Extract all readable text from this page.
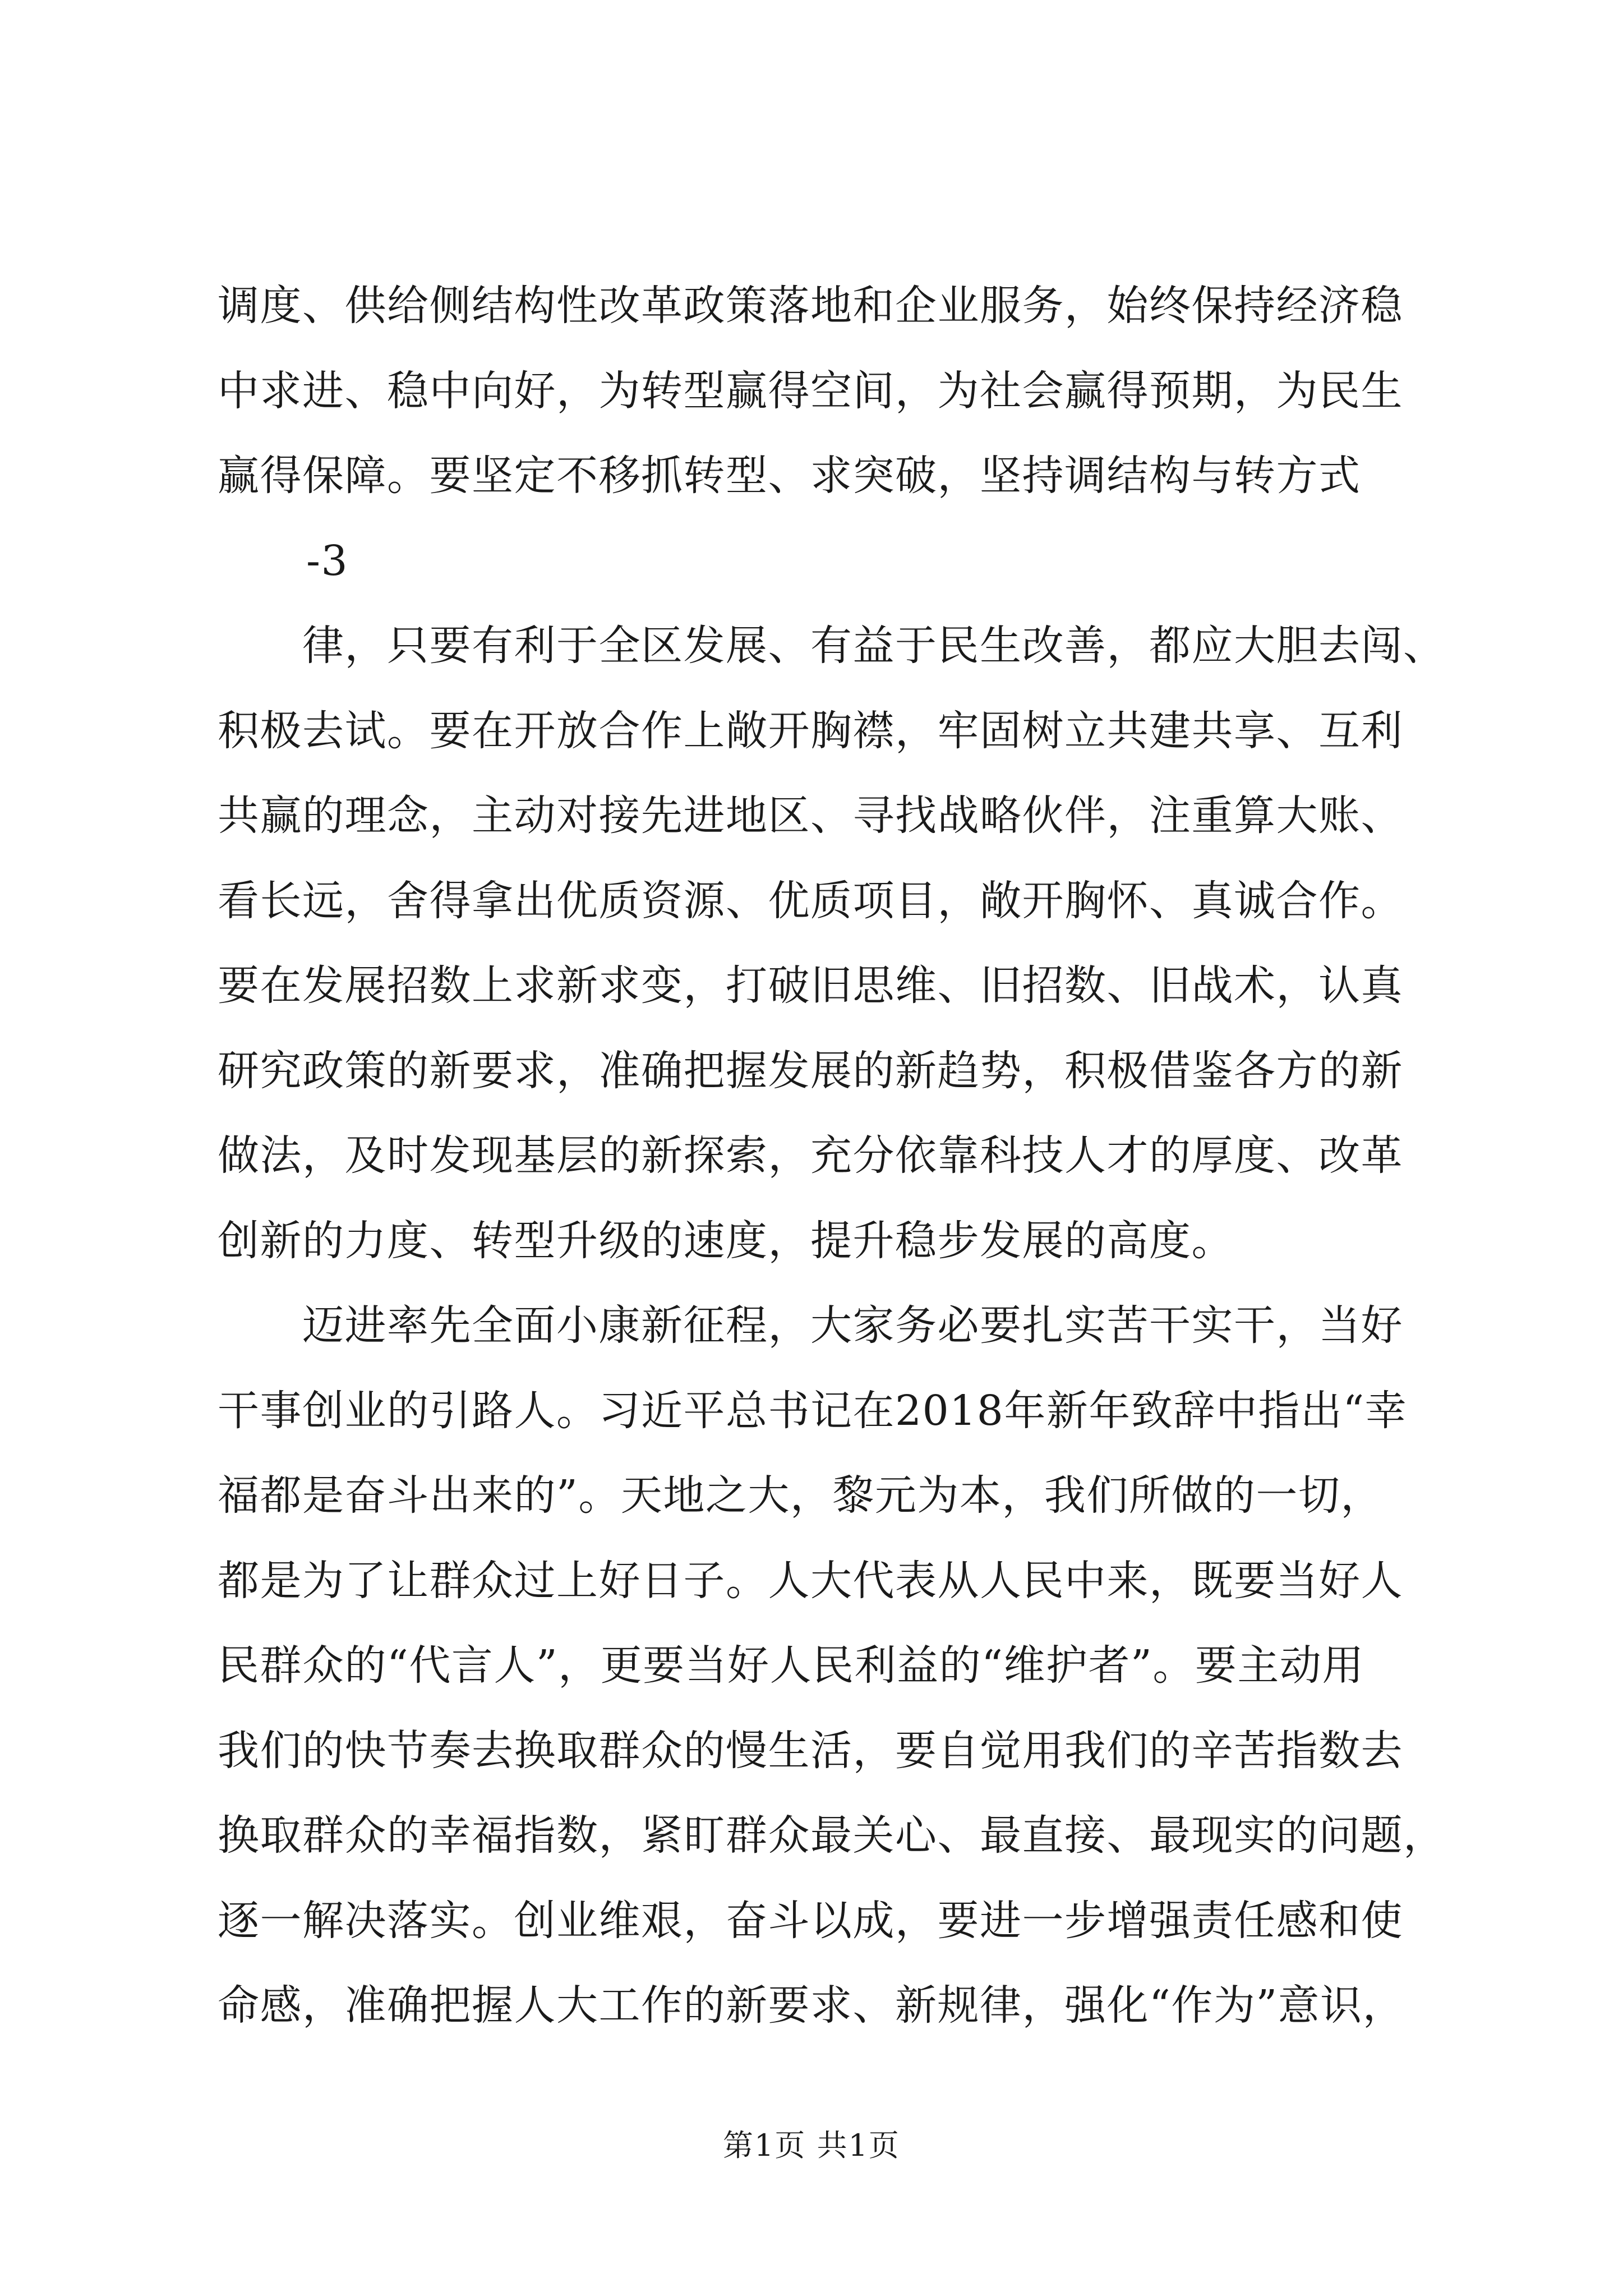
调度、供给侧结构性改革政策落地和企业服务，始终保持经济稳
中求进、稳中向好，为转型赢得空间，为社会赢得预期，为民生
赢得保障。要坚定不移抓转型、求突破，坚持调结构与转方式
-3
　　律，只要有利于全区发展、有益于民生改善，都应大胆去闯、
积极去试。要在开放合作上敞开胸襟，牢固树立共建共享、互利
共赢的理念，主动对接先进地区、寻找战略伙伴，注重算大账、
看长远，舍得拿出优质资源、优质项目，敞开胸怀、真诚合作。
要在发展招数上求新求变，打破旧思维、旧招数、旧战术，认真
研究政策的新要求，准确把握发展的新趋势，积极借鉴各方的新
做法，及时发现基层的新探索，充分依靠科技人才的厚度、改革
创新的力度、转型升级的速度，提升稳步发展的高度。
　　迈进率先全面小康新征程，大家务必要扎实苦干实干，当好
干事创业的引路人。习近平总书记在2018年新年致辞中指出“幸
福都是奋斗出来的”。天地之大，黎元为本，我们所做的一切，
都是为了让群众过上好日子。人大代表从人民中来，既要当好人
民群众的“代言人”，更要当好人民利益的“维护者”。要主动用
我们的快节奏去换取群众的慢生活，要自觉用我们的辛苦指数去
换取群众的幸福指数，紧盯群众最关心、最直接、最现实的问题，
逐一解决落实。创业维艰，奋斗以成，要进一步增强责任感和使
命感，准确把握人大工作的新要求、新规律，强化“作为”意识，
第1页 共1页
